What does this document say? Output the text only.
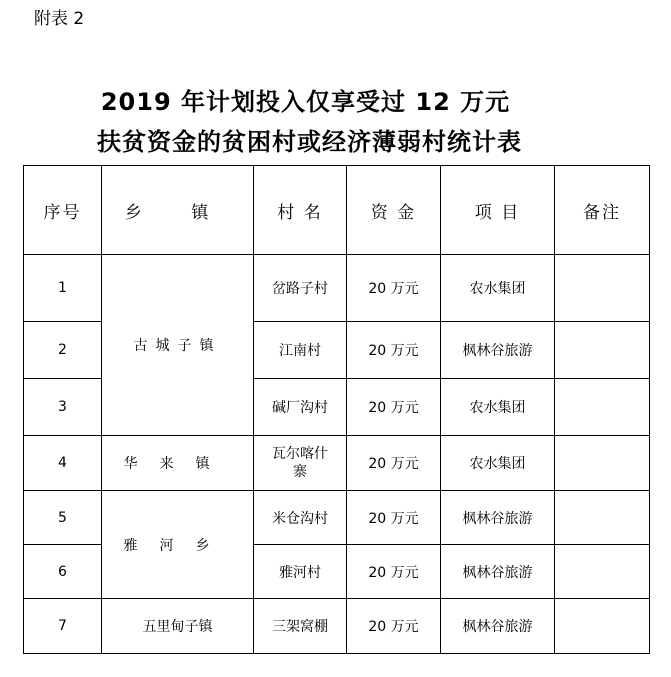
附表 2
2019 年计划投入仅享受过 12 万元
扶贫资金的贫困村或经济薄弱村统计表
序号	乡 镇	村 名	资 金	项 目	备注
1	古城子镇	岔路子村	20 万元	农水集团	
2		江南村	20 万元	枫林谷旅游	
3		碱厂沟村	20 万元	农水集团	
4	华来镇	瓦尔喀什寨	20 万元	农水集团	
5	雅河乡	米仓沟村	20 万元	枫林谷旅游	
6		雅河村	20 万元	枫林谷旅游	
7	五里甸子镇	三架窝棚	20 万元	枫林谷旅游	
